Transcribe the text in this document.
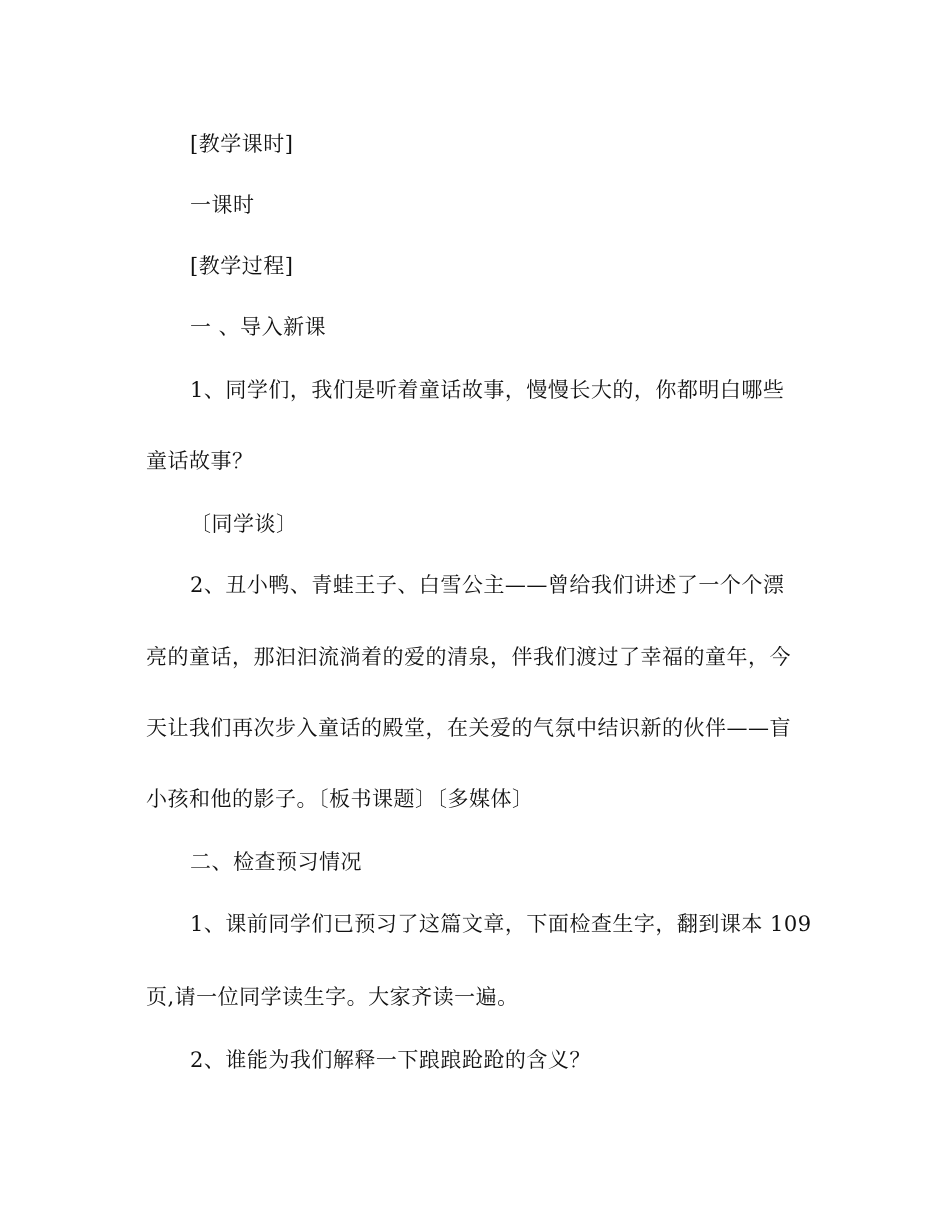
[教学课时]
一课时
[教学过程]
一 、导入新课
1、同学们，我们是听着童话故事，慢慢长大的，你都明白哪些
童话故事？
〔同学谈〕
2、丑小鸭、青蛙王子、白雪公主——曾给我们讲述了一个个漂
亮的童话，那汩汩流淌着的爱的清泉，伴我们渡过了幸福的童年，今
天让我们再次步入童话的殿堂，在关爱的气氛中结识新的伙伴——盲
小孩和他的影子。〔板书课题〕〔多媒体〕
二、检查预习情况
1、课前同学们已预习了这篇文章，下面检查生字，翻到课本 109
页,请一位同学读生字。大家齐读一遍。
2、谁能为我们解释一下踉踉跄跄的含义？
